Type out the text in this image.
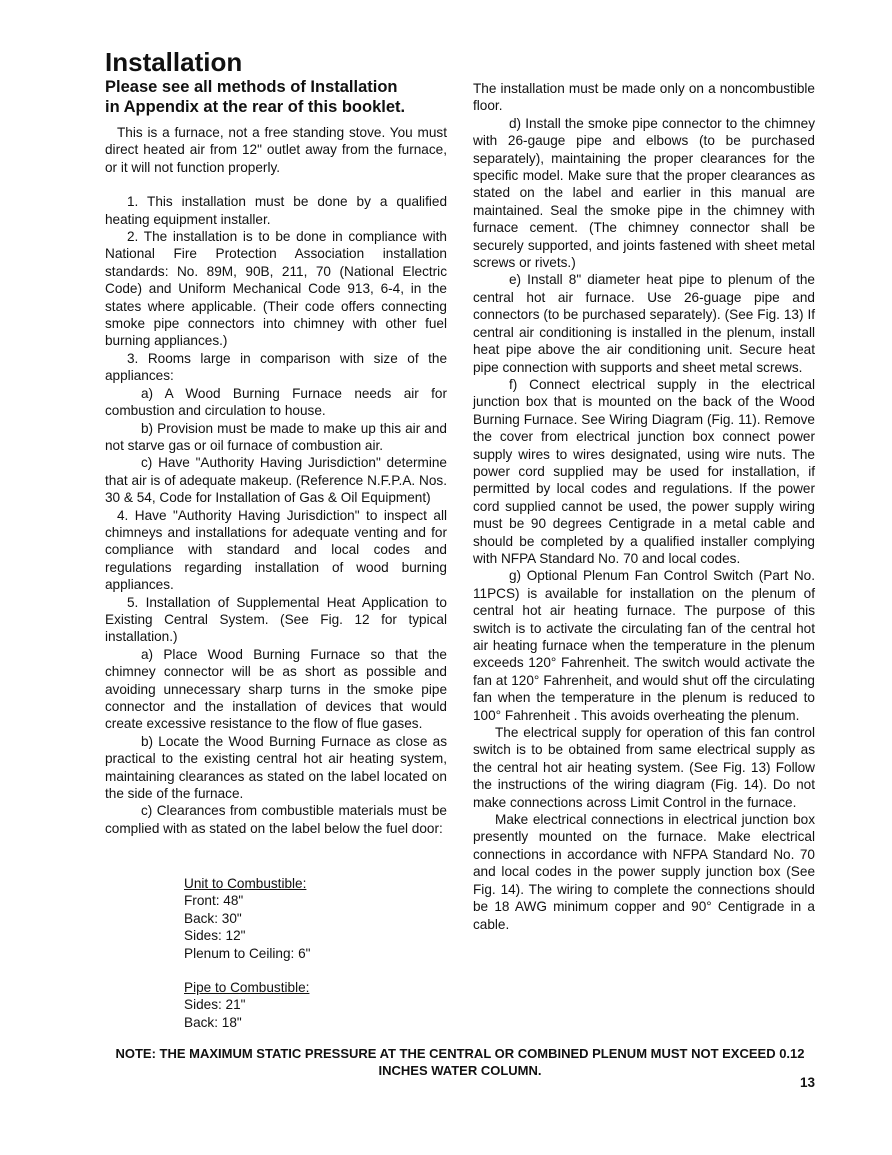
Installation
Please see all methods of Installation
in Appendix at the rear of this booklet.

This is a furnace, not a free standing stove. You must direct heated air from 12" outlet away from the furnace, or it will not function properly.

1. This installation must be done by a qualified heating equipment installer.

2. The installation is to be done in compliance with National Fire Protection Association installation standards: No. 89M, 90B, 211, 70 (National Electric Code) and Uniform Mechanical Code 913, 6-4, in the states where applicable. (Their code offers connecting smoke pipe connectors into chimney with other fuel burning appliances.)

3. Rooms large in comparison with size of the appliances:

a) A Wood Burning Furnace needs air for combustion and circulation to house.

b) Provision must be made to make up this air and not starve gas or oil furnace of combustion air.

c) Have "Authority Having Jurisdiction" determine that air is of adequate makeup. (Reference N.F.P.A. Nos. 30 & 54, Code for Installation of Gas & Oil Equipment)

4. Have "Authority Having Jurisdiction" to inspect all chimneys and installations for adequate venting and for compliance with standard and local codes and regulations regarding installation of wood burning appliances.

5. Installation of Supplemental Heat Application to Existing Central System. (See Fig. 12 for typical installation.)

a) Place Wood Burning Furnace so that the chimney connector will be as short as possible and avoiding unnecessary sharp turns in the smoke pipe connector and the installation of devices that would create excessive resistance to the flow of flue gases.

b) Locate the Wood Burning Furnace as close as practical to the existing central hot air heating system, maintaining clearances as stated on the label located on the side of the furnace.

c) Clearances from combustible materials must be complied with as stated on the label below the fuel door:

Unit to Combustible:
Front: 48"
Back: 30"
Sides: 12"
Plenum to Ceiling: 6"
Pipe to Combustible:
Sides: 21"
Back: 18"

The installation must be made only on a noncombustible floor.

d) Install the smoke pipe connector to the chimney with 26-gauge pipe and elbows (to be purchased separately), maintaining the proper clearances for the specific model. Make sure that the proper clearances as stated on the label and earlier in this manual are maintained. Seal the smoke pipe in the chimney with furnace cement. (The chimney connector shall be securely supported, and joints fastened with sheet metal screws or rivets.)

e) Install 8" diameter heat pipe to plenum of the central hot air furnace. Use 26-guage pipe and connectors (to be purchased separately). (See Fig. 13) If central air conditioning is installed in the plenum, install heat pipe above the air conditioning unit. Secure heat pipe connection with supports and sheet metal screws.

f) Connect electrical supply in the electrical junction box that is mounted on the back of the Wood Burning Furnace. See Wiring Diagram (Fig. 11). Remove the cover from electrical junction box connect power supply wires to wires designated, using wire nuts. The power cord supplied may be used for installation, if permitted by local codes and regulations. If the power cord supplied cannot be used, the power supply wiring must be 90 degrees Centigrade in a metal cable and should be completed by a qualified installer complying with NFPA Standard No. 70 and local codes.

g) Optional Plenum Fan Control Switch (Part No. 11PCS) is available for installation on the plenum of central hot air heating furnace. The purpose of this switch is to activate the circulating fan of the central hot air heating furnace when the temperature in the plenum exceeds 120° Fahrenheit. The switch would activate the fan at 120° Fahrenheit, and would shut off the circulating fan when the temperature in the plenum is reduced to 100° Fahrenheit . This avoids overheating the plenum.

The electrical supply for operation of this fan control switch is to be obtained from same electrical supply as the central hot air heating system. (See Fig. 13) Follow the instructions of the wiring diagram (Fig. 14). Do not make connections across Limit Control in the furnace.

Make electrical connections in electrical junction box presently mounted on the furnace. Make electrical connections in accordance with NFPA Standard No. 70 and local codes in the power supply junction box (See Fig. 14). The wiring to complete the connections should be 18 AWG minimum copper and 90° Centigrade in a cable.

NOTE: THE MAXIMUM STATIC PRESSURE AT THE CENTRAL OR COMBINED PLENUM MUST NOT EXCEED 0.12 INCHES WATER COLUMN.
13
